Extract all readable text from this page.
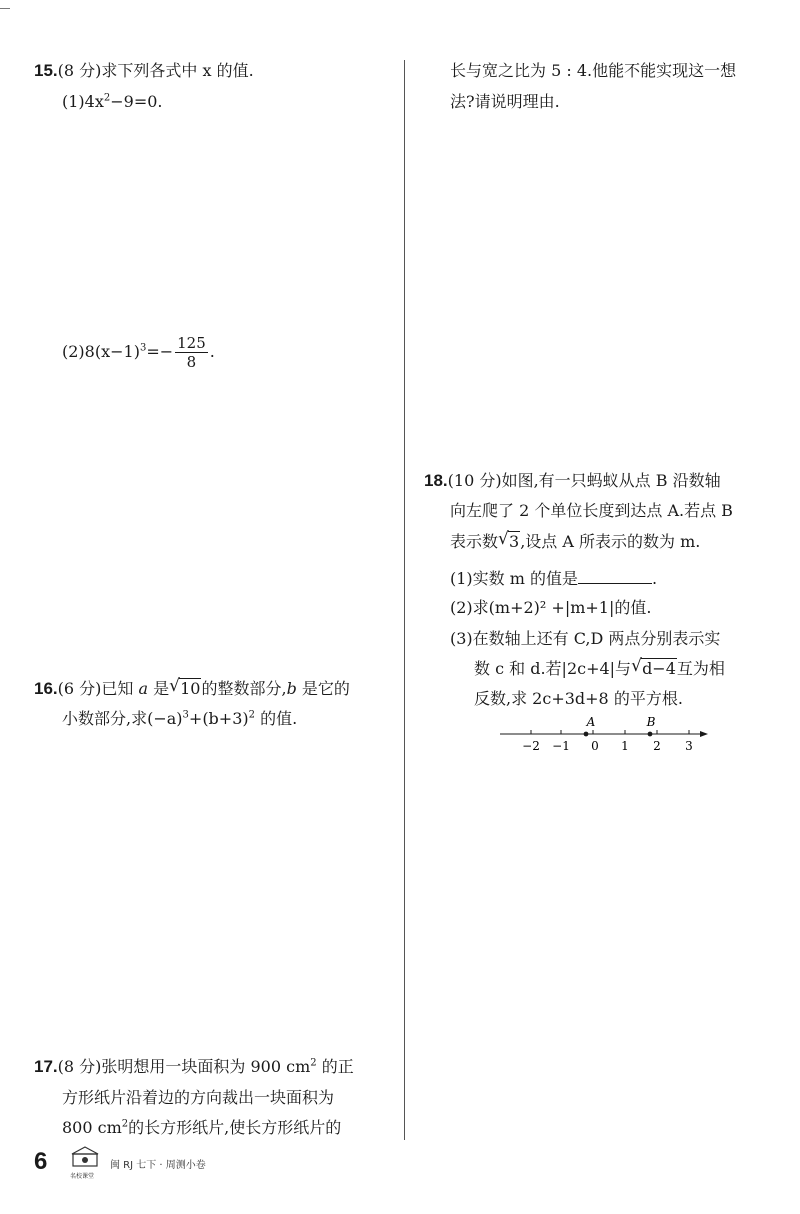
15.(8 分)求下列各式中 x 的值.
$(1)4x^2-9=0$.
$(2)8(x-1)^3=- \frac{125}{8}$ .
16.(6 分)已知 a 是 √ 10的整数部分,b 是它的
小数部分,求$(-a)^3+(b+3)^2$ 的值.
17.(8 分)张明想用一块面积为 900 $cm^2$ 的正
方形纸片沿着边的方向裁出一块面积为
800 $cm^2$的长方形纸片,使长方形纸片的
长与宽之比为 5 : 4.他能不能实现这一想
法?请说明理由.
18.(10 分)如图,有一只蚂蚁从点 B 沿数轴
向左爬了 2 个单位长度到达点 A.若点 B
表示数 √ 3,设点 A 所表示的数为 m.
(1)实数 m 的值是	.
(2)求(m+2)² +|m+1|的值.
(3)在数轴上还有 C,D 两点分别表示实
数 c 和 d.若|2c+4|与 √ d−4互为相
反数,求 2c+3d+8 的平方根.
−2 −1 0 1 2 3
A	B
6
名校课堂
闽 RJ 七下 · 周测小卷
